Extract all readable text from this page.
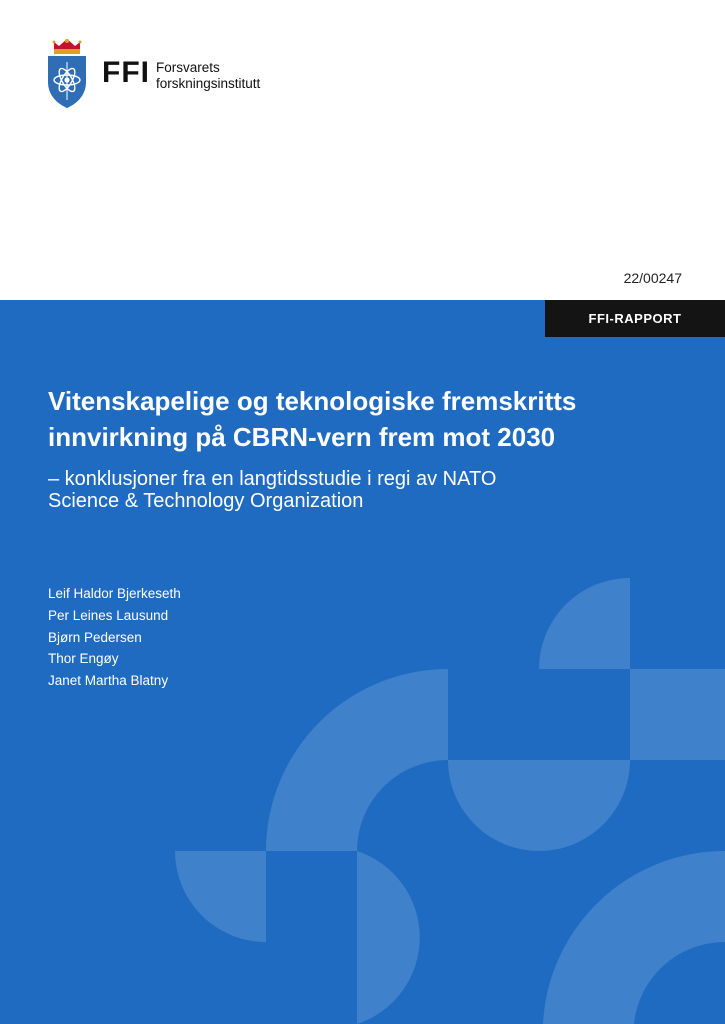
FFI Forsvarets
forskningsinstitutt
22/00247
FFI-RAPPORT
Vitenskapelige og teknologiske fremskritts
innvirkning på CBRN-vern frem mot 2030

– konklusjoner fra en langtidsstudie i regi av NATO
Science & Technology Organization

Leif Haldor Bjerkeseth
Per Leines Lausund
Bjørn Pedersen
Thor Engøy
Janet Martha Blatny
